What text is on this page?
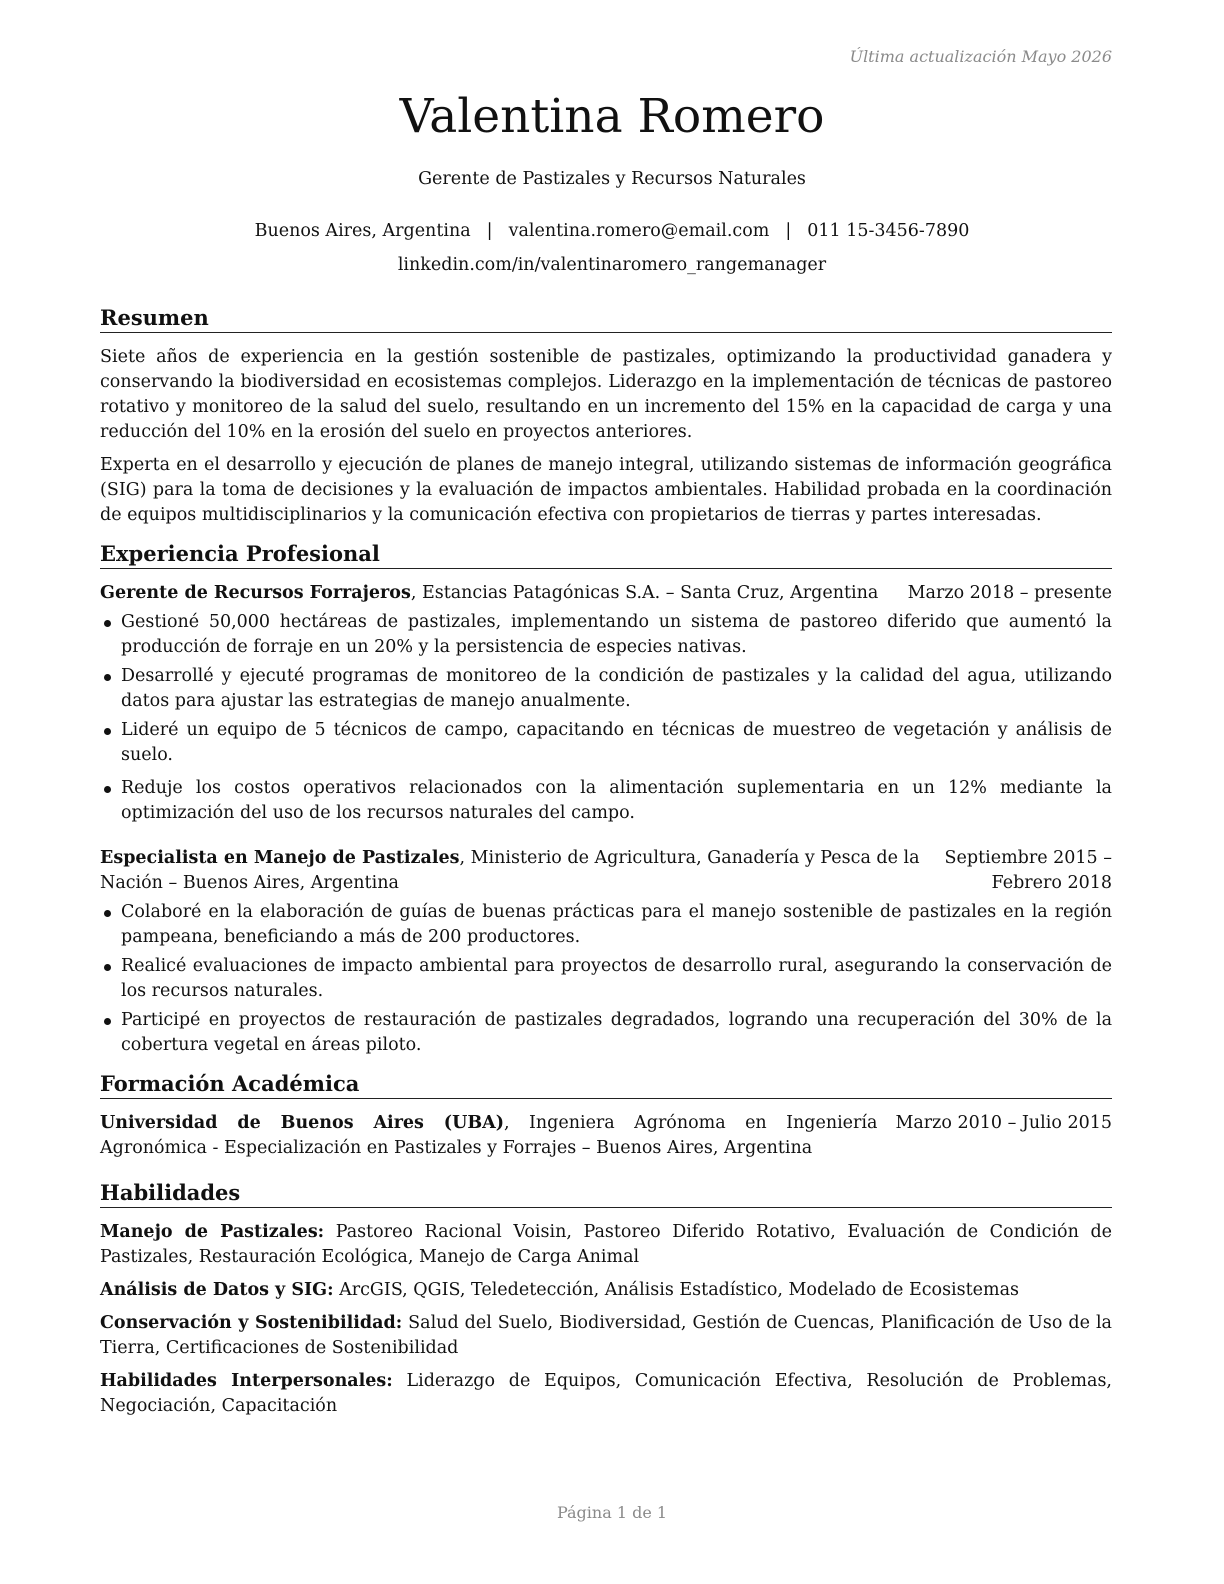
Última actualización Mayo 2026
Valentina Romero
Gerente de Pastizales y Recursos Naturales
Buenos Aires, Argentina | valentina.romero@email.com | 011 15-3456-7890
linkedin.com/in/valentinaromero_rangemanager
Resumen

Siete años de experiencia en la gestión sostenible de pastizales, optimizando la productividad ganadera y conservando la biodiversidad en ecosistemas complejos. Liderazgo en la implementación de técnicas de pastoreo rotativo y monitoreo de la salud del suelo, resultando en un incremento del 15% en la capacidad de carga y una reducción del 10% en la erosión del suelo en proyectos anteriores.

Experta en el desarrollo y ejecución de planes de manejo integral, utilizando sistemas de información geográfica (SIG) para la toma de decisiones y la evaluación de impactos ambientales. Habilidad probada en la coordinación de equipos multidisciplinarios y la comunicación efectiva con propietarios de tierras y partes interesadas.

Experiencia Profesional
Gerente de Recursos Forrajeros, Estancias Patagónicas S.A. – Santa Cruz, Argentina	Marzo 2018 – presente
Gestioné 50,000 hectáreas de pastizales, implementando un sistema de pastoreo diferido que aumentó la producción de forraje en un 20% y la persistencia de especies nativas.
Desarrollé y ejecuté programas de monitoreo de la condición de pastizales y la calidad del agua, utilizando datos para ajustar las estrategias de manejo anualmente.
Lideré un equipo de 5 técnicos de campo, capacitando en técnicas de muestreo de vegetación y análisis de suelo.
Reduje los costos operativos relacionados con la alimentación suplementaria en un 12% mediante la optimización del uso de los recursos naturales del campo.
Especialista en Manejo de Pastizales, Ministerio de Agricultura, Ganadería y Pesca de la Nación – Buenos Aires, Argentina
Septiembre 2015 – Febrero 2018
Colaboré en la elaboración de guías de buenas prácticas para el manejo sostenible de pastizales en la región pampeana, beneficiando a más de 200 productores.
Realicé evaluaciones de impacto ambiental para proyectos de desarrollo rural, asegurando la conservación de los recursos naturales.
Participé en proyectos de restauración de pastizales degradados, logrando una recuperación del 30% de la cobertura vegetal en áreas piloto.
Formación Académica
Universidad de Buenos Aires (UBA), Ingeniera Agrónoma en Ingeniería Agronómica - Especialización en Pastizales y Forrajes – Buenos Aires, Argentina
Marzo 2010 – Julio 2015
Habilidades

Manejo de Pastizales: Pastoreo Racional Voisin, Pastoreo Diferido Rotativo, Evaluación de Condición de Pastizales, Restauración Ecológica, Manejo de Carga Animal

Análisis de Datos y SIG: ArcGIS, QGIS, Teledetección, Análisis Estadístico, Modelado de Ecosistemas

Conservación y Sostenibilidad: Salud del Suelo, Biodiversidad, Gestión de Cuencas, Planificación de Uso de la Tierra, Certificaciones de Sostenibilidad

Habilidades Interpersonales: Liderazgo de Equipos, Comunicación Efectiva, Resolución de Problemas, Negociación, Capacitación

Página 1 de 1
